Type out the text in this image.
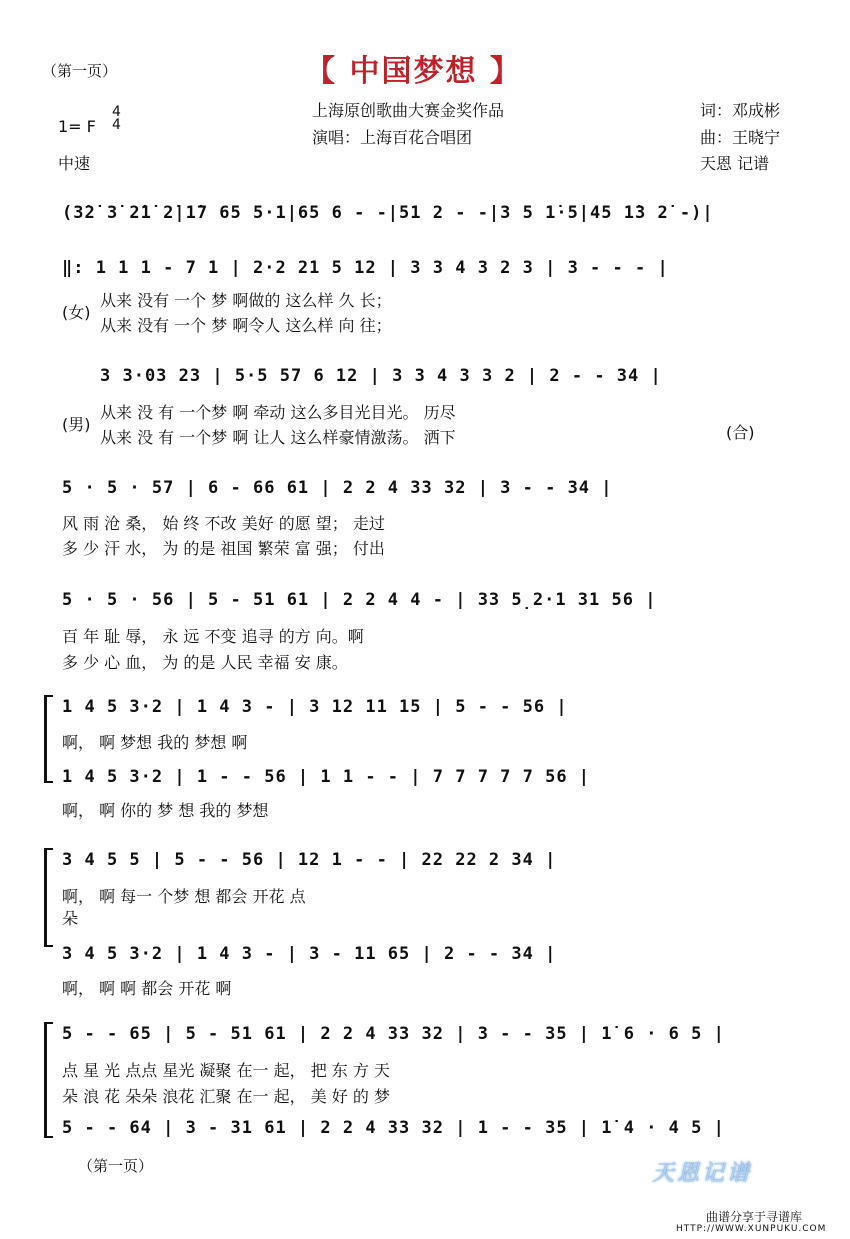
（第一页）	【 中国梦想 】
上海原创歌曲大赛金奖作品
演唱：上海百花合唱团
词：邓成彬
曲：王晓宁
天恩 记谱
1= F
4
4
中速
(3̇2̇ 3̇ 2̇1̇ 2̇|1̇7 65 5·1|65 6 - -|51 2 - -|3 5 1̇·5|45 1̇3 2̇ -)|
‖: 1 1 1 - 7 1 | 2·2 21 5 12 | 3 3 4 3 2 3 | 3 - - - |
(女)
从来 没有 一个 梦 啊做的 这么样 久 长；
从来 没有 一个 梦 啊令人 这么样 向 往；
3 3·03 23 | 5·5 57 6 12 | 3 3 4 3 3 2 | 2 - - 34 |
(男)
从来 没 有 一个梦 啊 牵动 这么多目光目光。 历尽
从来 没 有 一个梦 啊 让人 这么样豪情激荡。 洒下	(合)
5 · 5 · 57 | 6 - 66 61 | 2 2 4 33 32 | 3 - - 34 |
风 雨 沧 桑， 始 终 不改 美好 的愿 望； 走过
多 少 汗 水， 为 的是 祖国 繁荣 富 强； 付出
5 · 5 · 56 | 5 - 51 61 | 2 2 4 4 - | 33 5̣2·1 31 56 |
百 年 耻 辱， 永 远 不变 追寻 的方 向。啊
多 少 心 血， 为 的是 人民 幸福 安 康。
1 4 5 3·2 | 1 4 3 - | 3 12 11 15 | 5 - - 56 |
啊， 啊 梦想 我的 梦想 啊
1 4 5 3·2 | 1 - - 56 | 1 1 - - | 7 7 7 7 7 56 |
啊， 啊 你的 梦 想 我的 梦想
3 4 5 5 | 5 - - 56 | 12 1 - - | 22 22 2 34 |
啊， 啊 每一 个梦 想 都会 开花 点
朵
3 4 5 3·2 | 1 4 3 - | 3 - 11 65 | 2 - - 34 |
啊， 啊 啊 都会 开花 啊
5 - - 65 | 5 - 51 61 | 2 2 4 33 32 | 3 - - 35 | 1̇ 6 · 6 5 |
点 星 光 点点 星光 凝聚 在一 起， 把 东 方 天
朵 浪 花 朵朵 浪花 汇聚 在一 起， 美 好 的 梦
5 - - 64 | 3 - 31 61 | 2 2 4 33 32 | 1 - - 35 | 1̇ 4 · 4 5 |
（第一页）	天恩记谱
曲谱分享于寻谱库
HTTP://WWW.XUNPUKU.COM
